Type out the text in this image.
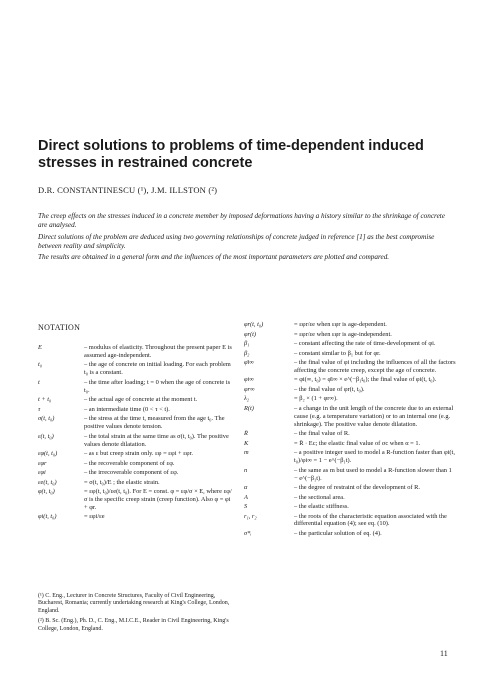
Direct solutions to problems of time-dependent induced stresses in restrained concrete
D.R. CONSTANTINESCU (¹), J.M. ILLSTON (²)

The creep effects on the stresses induced in a concrete member by imposed deformations having a history similar to the shrinkage of concrete are analysed.

Direct solutions of the problem are deduced using two governing relationships of concrete judged in reference [1] as the best compromise between reality and simplicity.

The results are obtained in a general form and the influences of the most important parameters are plotted and compared.

NOTATION
E	– modulus of elasticity. Throughout the present paper E is assumed age-independent.
t₀	– the age of concrete on initial loading. For each problem t₀ is a constant.
t	– the time after loading; t = 0 when the age of concrete is t₀.
t + t₀	– the actual age of concrete at the moment t.
τ	– an intermediate time (0 < τ < t).
σ(t, t₀)	– the stress at the time t, measured from the age t₀. The positive values denote tension.
ε(t, t₀)	– the total strain at the same time as σ(t, t₀). The positive values denote dilatation.
εφ(t, t₀)	– as ε but creep strain only. εφ = εφi + εφr.
εφr	– the recoverable component of εφ.
εφi	– the irrecoverable component of εφ.
εe(t, t₀)	= σ(t, t₀)/E ; the elastic strain.
φ(t, t₀)	= εφ(t, t₀)/εe(t, t₀). For E = const. φ = εφ/σ × E, where εφ/σ is the specific creep strain (creep function). Also φ = φi + φr.
φi(t, t₀)	= εφi/εe
φr(t, t₀)	= εφr/εe when εφr is age-dependent.
φr(t)	= εφr/εe when εφr is age-independent.
β₁	– constant affecting the rate of time-development of φi.
β₂	– constant similar to β₁ but for φr.
φ̄i∞	– the final value of φi including the influences of all the factors affecting the concrete creep, except the age of concrete.
φi∞	= φi(∞, t₀) = φ̄i∞ × e^(−β₁t₀); the final value of φi(t, t₀).
φr∞	– the final value of φr(t, t₀).
λ₂	= β₂ × (1 + φr∞).
R(t)	– a change in the unit length of the concrete due to an external cause (e.g. a temperature variation) or to an internal one (e.g. shrinkage). The positive value denote dilatation.
R̄	– the final value of R.
K	= R̄ · Ec; the elastic final value of σc when α = 1.
m	– a positive integer used to model a R-function faster than φi(t, t₀)/φi∞ = 1 − e^(−β₁t).
n	– the same as m but used to model a R-function slower than 1 − e^(−β₁t).
α	– the degree of restraint of the development of R.
A	– the sectional area.
S	– the elastic stiffness.
r₁, r₂	– the roots of the characteristic equation associated with the differential equation (4); see eq. (10).
σ*ᵢ	– the particular solution of eq. (4).

(¹) C. Eng., Lecturer in Concrete Structures, Faculty of Civil Engineering, Bucharest, Romania; currently undertaking research at King's College, London, England.

(²) B. Sc. (Eng.), Ph. D., C. Eng., M.I.C.E., Reader in Civil Engineering, King's College, London, England.

11
